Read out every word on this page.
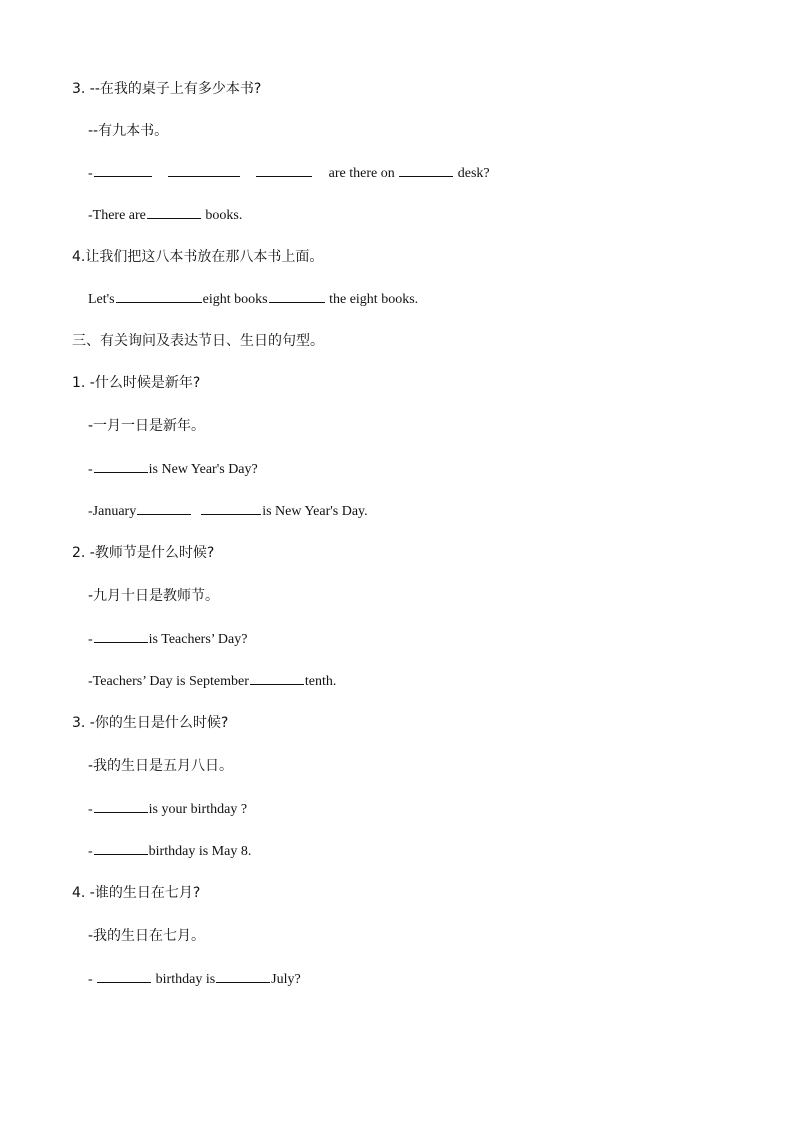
3. --在我的桌子上有多少本书?
--有九本书。
-	are there on	desk?
-There are	books.
4.让我们把这八本书放在那八本书上面。
Let's	eight books	the eight books.
三、有关询问及表达节日、生日的句型。
1. -什么时候是新年?
-一月一日是新年。
-	is New Year's Day?
-January	is New Year's Day.
2. -教师节是什么时候?
-九月十日是教师节。
-	is Teachers’ Day?
-Teachers’ Day is September	tenth.
3. -你的生日是什么时候?
-我的生日是五月八日。
-	is your birthday ?
-	birthday is May 8.
4. -谁的生日在七月?
-我的生日在七月。
-	birthday is	July?
